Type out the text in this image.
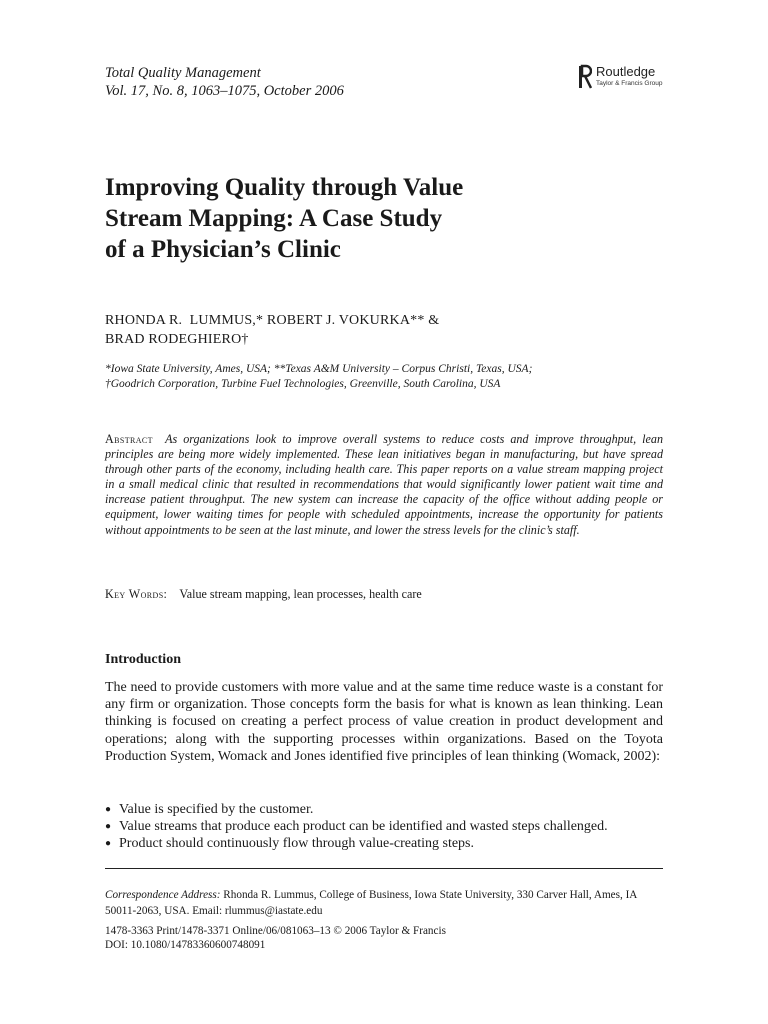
Total Quality Management
Vol. 17, No. 8, 1063–1075, October 2006
Routledge
Taylor & Francis Group
Improving Quality through Value
Stream Mapping: A Case Study
of a Physician’s Clinic
RHONDA R.  LUMMUS,* ROBERT J. VOKURKA** &
BRAD RODEGHIERO†
*Iowa State University, Ames, USA; **Texas A&M University – Corpus Christi, Texas, USA;
†Goodrich Corporation, Turbine Fuel Technologies, Greenville, South Carolina, USA
Abstract As organizations look to improve overall systems to reduce costs and improve throughput, lean principles are being more widely implemented. These lean initiatives began in manufacturing, but have spread through other parts of the economy, including health care. This paper reports on a value stream mapping project in a small medical clinic that resulted in recommendations that would significantly lower patient wait time and increase patient throughput. The new system can increase the capacity of the office without adding people or equipment, lower waiting times for people with scheduled appointments, increase the opportunity for patients without appointments to be seen at the last minute, and lower the stress levels for the clinic’s staff.
Key Words: Value stream mapping, lean processes, health care
Introduction
The need to provide customers with more value and at the same time reduce waste is a constant for any firm or organization. Those concepts form the basis for what is known as lean thinking. Lean thinking is focused on creating a perfect process of value creation in product development and operations; along with the supporting processes within organizations. Based on the Toyota Production System, Womack and Jones identified five principles of lean thinking (Womack, 2002):
● Value is specified by the customer.
● Value streams that produce each product can be identified and wasted steps challenged.
● Product should continuously flow through value-creating steps.
Correspondence Address: Rhonda R. Lummus, College of Business, Iowa State University, 330 Carver Hall, Ames, IA 50011-2063, USA. Email: rlummus@iastate.edu
1478-3363 Print/1478-3371 Online/06/081063–13 © 2006 Taylor & Francis
DOI: 10.1080/14783360600748091
